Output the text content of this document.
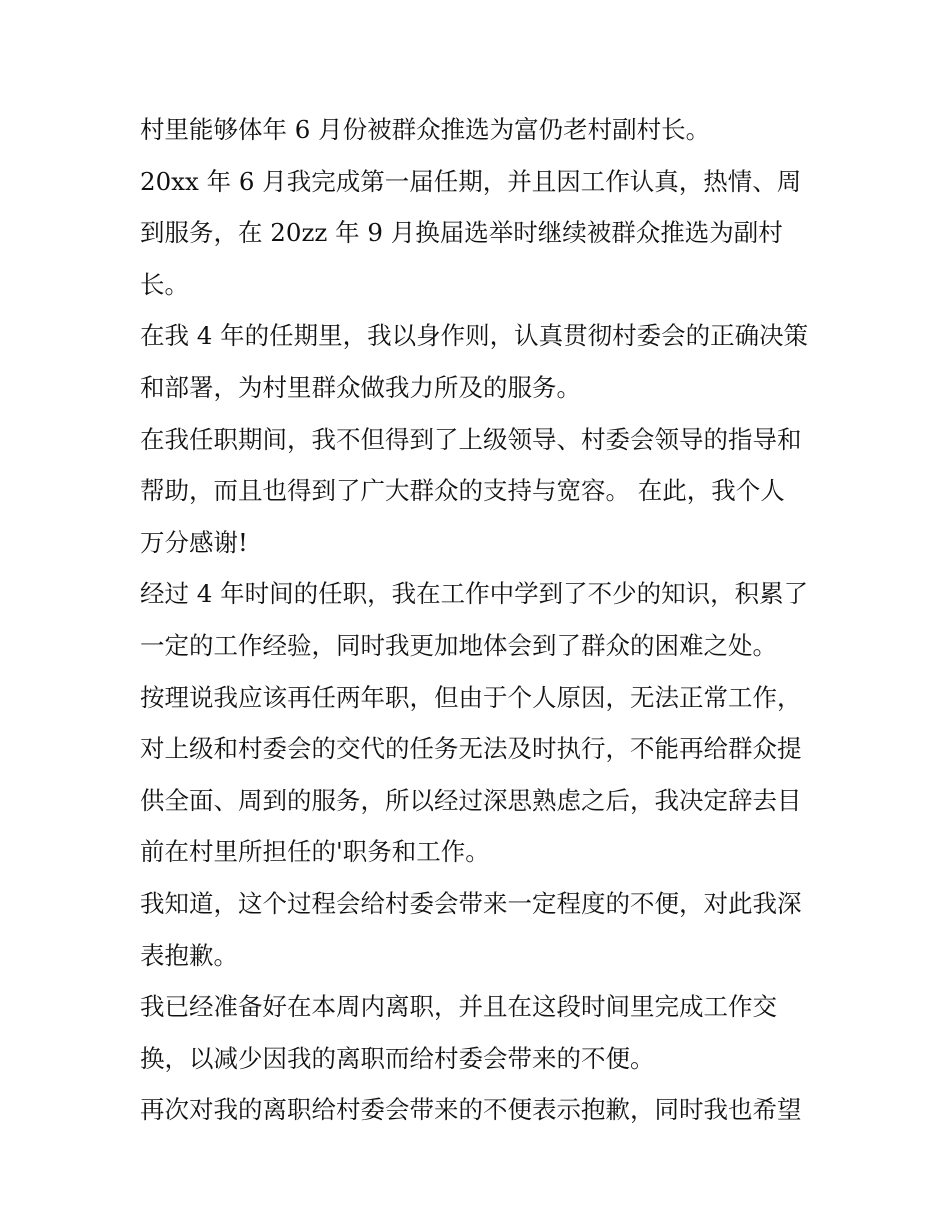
村里能够体年 6 月份被群众推选为富仍老村副村长。
20xx 年 6 月我完成第一届任期，并且因工作认真，热情、周
到服务，在 20zz 年 9 月换届选举时继续被群众推选为副村
长。
在我 4 年的任期里，我以身作则，认真贯彻村委会的正确决策
和部署，为村里群众做我力所及的服务。
在我任职期间，我不但得到了上级领导、村委会领导的指导和
帮助，而且也得到了广大群众的支持与宽容。 在此，我个人
万分感谢!
经过 4 年时间的任职，我在工作中学到了不少的知识，积累了
一定的工作经验，同时我更加地体会到了群众的困难之处。
按理说我应该再任两年职，但由于个人原因，无法正常工作，
对上级和村委会的交代的任务无法及时执行，不能再给群众提
供全面、周到的服务，所以经过深思熟虑之后，我决定辞去目
前在村里所担任的'职务和工作。
我知道，这个过程会给村委会带来一定程度的不便，对此我深
表抱歉。
我已经准备好在本周内离职，并且在这段时间里完成工作交
换，以减少因我的离职而给村委会带来的不便。
再次对我的离职给村委会带来的不便表示抱歉，同时我也希望
